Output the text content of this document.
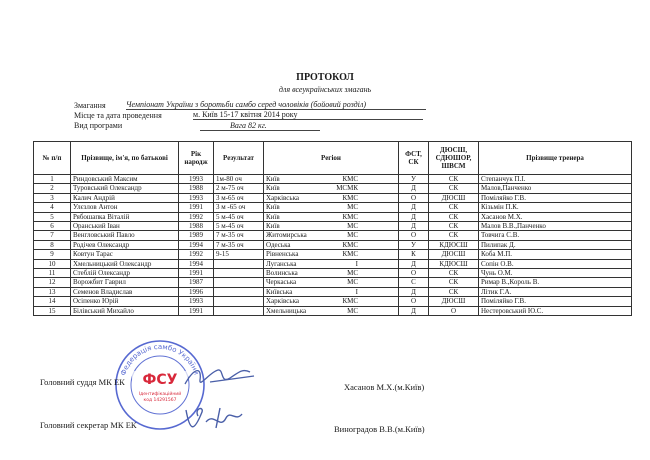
ПРОТОКОЛ
для всеукраїнських змагань
Змагання	Чемпіонат України з боротьби самбо серед чоловіків (бойовий розділ)
Місце та дата проведення	м. Київ 15-17 квітня 2014 року
Вид програми	Вага 82 кг.
№ п/п	Прізвище, ім'я, по батькові	Рік народж	Результат	Регіон	ФСТ, СК	ДЮСШ, СДЮШОР, ШВСМ	Прізвище тренера
1	Риндовський Максим	1993	1м-80 оч	Київ КМС	У	СК	Степанчук П.І.
2	Туровський Олександр	1988	2 м-75 оч	Київ МСМК	Д	СК	Малов,Панченко
3	Калич Андрій	1993	3 м-65 оч	Харківська КМС	О	ДЮСШ	Поміляйко Г.В.
4	Улєзлов Антон	1991	3 м -65 оч	Київ МС	Д	СК	Кізьмін П.К.
5	Рябошапка Віталій	1992	5 м-45 оч	Київ КМС	Д	СК	Хасанов М.Х.
6	Оранський Іван	1988	5 м-45 оч	Київ МС	Д	СК	Малов В.В.,Панченко
7	Венгловський Павло	1989	7 м-35 оч	Житомирська МС	О	СК	Товчига С.В.
8	Родічев Олександр	1994	7 м-35 оч	Одеська КМС	У	КДЮСШ	Пилипак Д.
9	Ковтун Тарас	1992	9-15	Рівненська КМС	К	ДЮСШ	Коба М.П.
10	Хмельницький Олександр	1994		Луганська І	Д	КДЮСШ	Сопін О.В.
11	Стеблій Олександр	1991		Волинська МС	О	СК	Чунь О.М.
12	Ворожбит Гаврил	1987		Черкаська МС	С	СК	Римар В.,Король В.
13	Семенов Владислав	1996		Київська І	Д	СК	Літик Г.А.
14	Осіпенко Юрій	1993		Харківська КМС	О	ДЮСШ	Поміляйко Г.В.
15	Білівський Михайло	1991		Хмельницька МС	Д	О	Нестеровський Ю.С.
Федерація самбо України
ФСУ
Ідентифікаційний
код 14291567
Головний суддя МК ЕК	Хасанов М.Х.(м.Київ)
Головний секретар МК ЕК	Виноградов В.В.(м.Київ)
